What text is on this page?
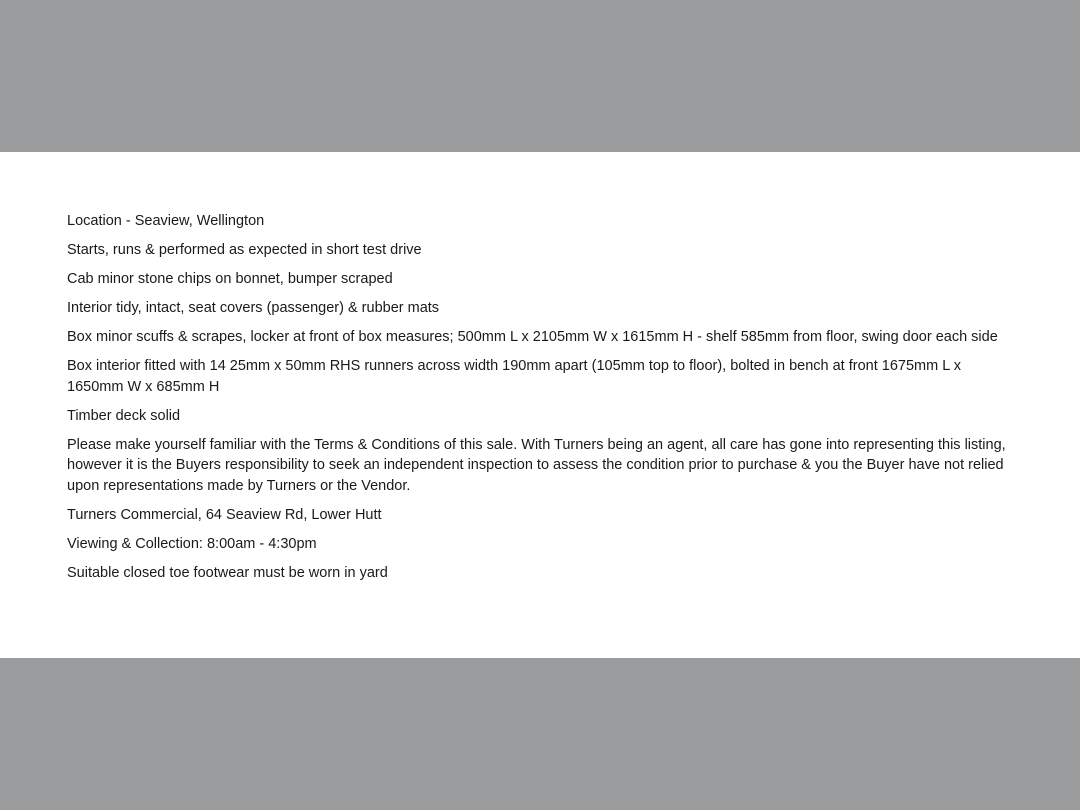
Location - Seaview, Wellington

Starts, runs & performed as expected in short test drive

Cab minor stone chips on bonnet, bumper scraped

Interior tidy, intact, seat covers (passenger) & rubber mats

Box minor scuffs & scrapes, locker at front of box measures; 500mm L x 2105mm W x 1615mm H - shelf 585mm from floor, swing door each side

Box interior fitted with 14 25mm x 50mm RHS runners across width 190mm apart (105mm top to floor), bolted in bench at front 1675mm L x 1650mm W x 685mm H

Timber deck solid

Please make yourself familiar with the Terms & Conditions of this sale. With Turners being an agent, all care has gone into representing this listing, however it is the Buyers responsibility to seek an independent inspection to assess the condition prior to purchase & you the Buyer have not relied upon representations made by Turners or the Vendor.

Turners Commercial, 64 Seaview Rd, Lower Hutt

Viewing & Collection: 8:00am - 4:30pm

Suitable closed toe footwear must be worn in yard
